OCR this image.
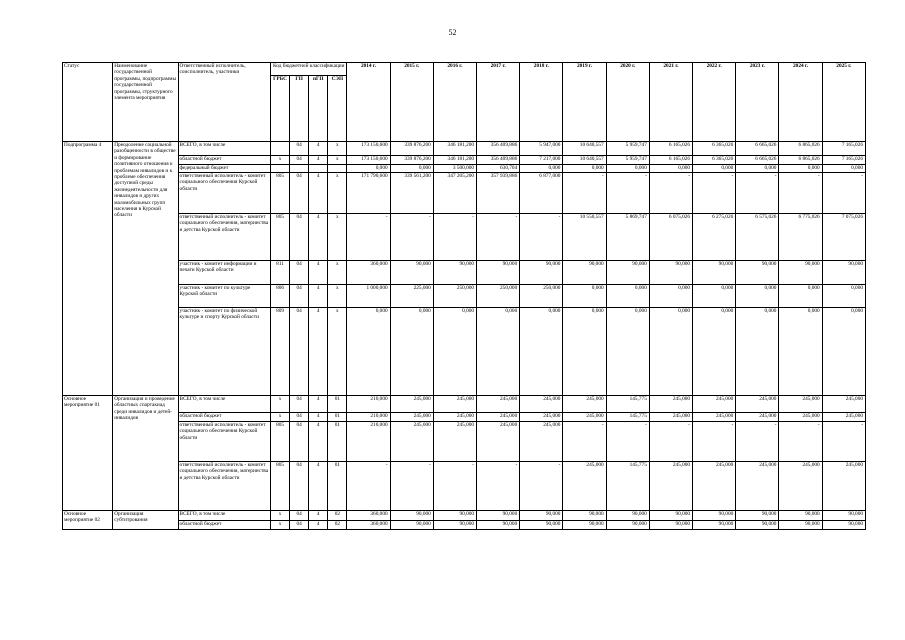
52
Статус	Наименование государственной программы, подпрограммы государственной программы, структурного элемента мероприятия	Ответственный исполнитель, соисполнитель, участники	Код бюджетной классификации				2014 г.	2015 г.	2016 г.	2017 г.	2018 г.	2019 г.	2020 г.	2021 г.	2022 г.	2023 г.	2024 г.	2025 г.
			ГРБС	ГП	пГП	СЭП												
Подпрограмма 4	Преодоление социальной разобщенности в обществе и формирование позитивного отношения к проблемам инвалидов и к проблеме обеспечения доступной среды жизнедеятельности для инвалидов и других маломобильных групп населения в Курской области	ВСЕГО, в том числе		04	4	х	173 150,600	339 876,200	346 181,200	356 409,886	5 947,000	10 640,557	5 959,747	6 165,026	6 365,026	6 665,026	6 865,026	7 165,026
		областной бюджет	х	04	4	х	173 150,600	339 876,200	346 181,200	356 409,886	7 217,000	10 640,557	5 959,747	6 165,026	6 365,026	6 665,026	6 865,026	7 165,026
		федеральный бюджет					0,000	0,000	3 500,000	630,704	0,000	0,000	0,000	0,000	0,000	0,000	0,000	0,000
		ответственный исполнитель - комитет социального обеспечения Курской области	805	04	4	х	171 790,600	339 561,200	347 205,200	357 939,886	6 877,000	-	-	-	-	-	-	-
		ответственный исполнитель - комитет социального обеспечения, материнства и детства Курской области	805	04	4	х	-	-	-	-	-	10 550,557	5 869,747	6 075,026	6 275,026	6 575,026	6 775,026	7 075,026
		участник - комитет информации и печати Курской области	811	04	4	х	360,000	90,000	90,000	90,000	90,000	90,000	90,000	90,000	90,000	90,000	90,000	90,000
		участник - комитет по культуре Курской области	806	04	4	х	1 000,000	225,000	250,000	250,000	250,000	0,000	0,000	0,000	0,000	0,000	0,000	0,000
		участник - комитет по физической культуре и спорту Курской области	809	04	4	х	0,000	0,000	0,000	0,000	0,000	0,000	0,000	0,000	0,000	0,000	0,000	0,000
Основное мероприятие 01	Организация и проведение областных спартакиад среди инвалидов и детей-инвалидов	ВСЕГО, в том числе	х	04	4	01	210,000	245,000	245,000	245,000	245,000	245,000	145,775	245,000	245,000	245,000	245,000	245,000
		областной бюджет	х	04	4	01	210,000	245,000	245,000	245,000	245,000	245,000	145,775	245,000	245,000	245,000	245,000	245,000
		ответственный исполнитель - комитет социального обеспечения Курской области	805	04	4	01	210,000	245,000	245,000	245,000	245,000	-	-	-	-	-	-	-
		ответственный исполнитель - комитет социального обеспечения, материнства и детства Курской области	805	04	4	01	-	-	-	-	-	245,000	145,775	245,000	245,000	245,000	245,000	245,000
Основное мероприятие 02	Организация субтитрования	ВСЕГО, в том числе	х	04	4	02	360,000	90,000	90,000	90,000	90,000	90,000	90,000	90,000	90,000	90,000	90,000	90,000
		областной бюджет	х	04	4	02	360,000	90,000	90,000	90,000	90,000	90,000	90,000	90,000	90,000	90,000	90,000	90,000
